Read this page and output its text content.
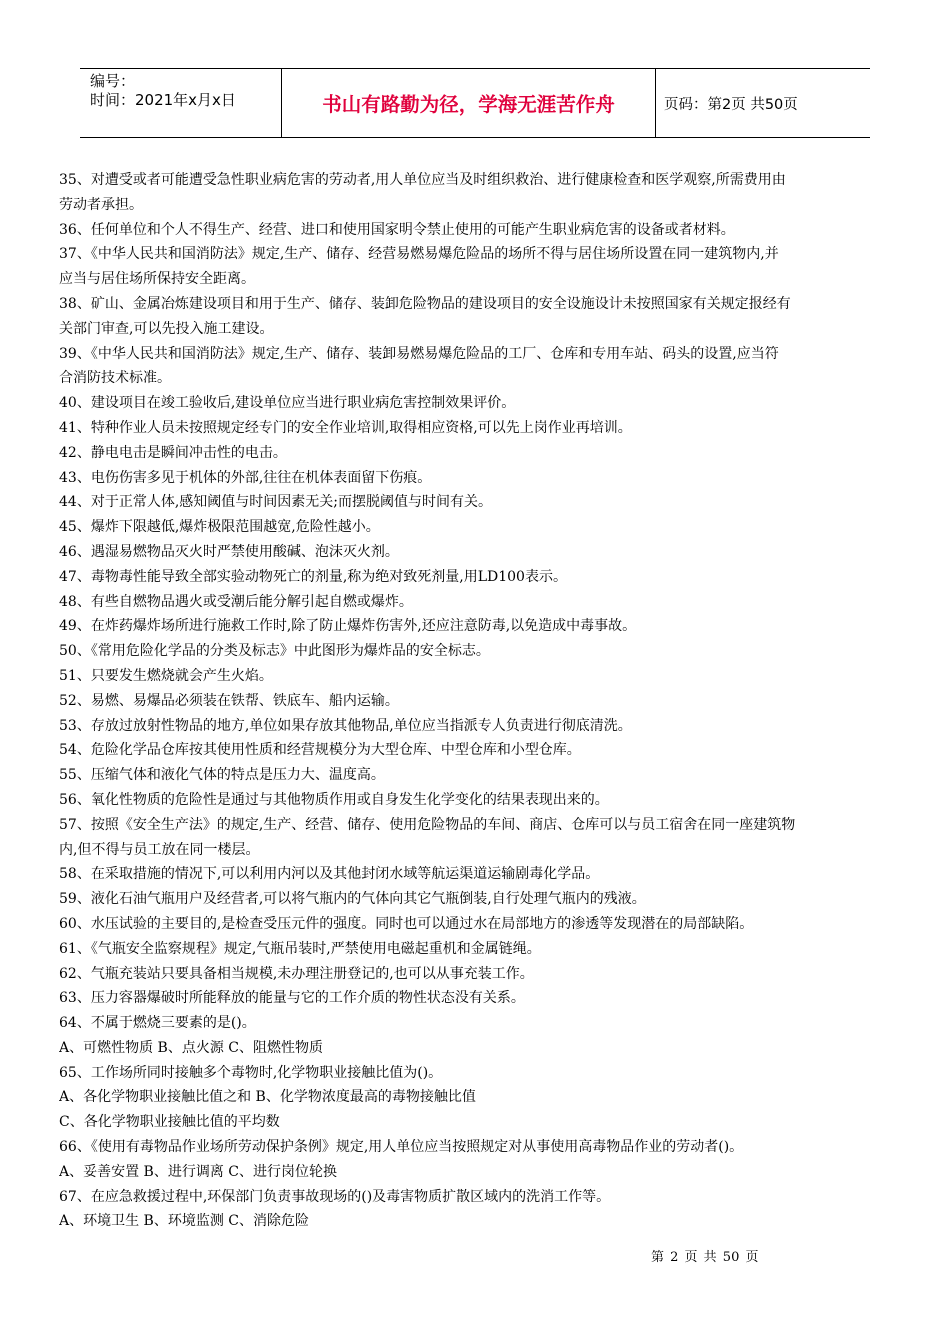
编号：
时间：2021年x月x日	书山有路勤为径，学海无涯苦作舟	页码：第2页 共50页

35、对遭受或者可能遭受急性职业病危害的劳动者,用人单位应当及时组织救治、进行健康检查和医学观察,所需费用由

劳动者承担。

36、任何单位和个人不得生产、经营、进口和使用国家明令禁止使用的可能产生职业病危害的设备或者材料。

37、《中华人民共和国消防法》规定,生产、储存、经营易燃易爆危险品的场所不得与居住场所设置在同一建筑物内,并

应当与居住场所保持安全距离。

38、矿山、金属冶炼建设项目和用于生产、储存、装卸危险物品的建设项目的安全设施设计未按照国家有关规定报经有

关部门审查,可以先投入施工建设。

39、《中华人民共和国消防法》规定,生产、储存、装卸易燃易爆危险品的工厂、仓库和专用车站、码头的设置,应当符

合消防技术标准。

40、建设项目在竣工验收后,建设单位应当进行职业病危害控制效果评价。

41、特种作业人员未按照规定经专门的安全作业培训,取得相应资格,可以先上岗作业再培训。

42、静电电击是瞬间冲击性的电击。

43、电伤伤害多见于机体的外部,往往在机体表面留下伤痕。

44、对于正常人体,感知阈值与时间因素无关;而摆脱阈值与时间有关。

45、爆炸下限越低,爆炸极限范围越宽,危险性越小。

46、遇湿易燃物品灭火时严禁使用酸碱、泡沫灭火剂。

47、毒物毒性能导致全部实验动物死亡的剂量,称为绝对致死剂量,用LD100表示。

48、有些自燃物品遇火或受潮后能分解引起自燃或爆炸。

49、在炸药爆炸场所进行施救工作时,除了防止爆炸伤害外,还应注意防毒,以免造成中毒事故。

50、《常用危险化学品的分类及标志》中此图形为爆炸品的安全标志。

51、只要发生燃烧就会产生火焰。

52、易燃、易爆品必须装在铁帮、铁底车、船内运输。

53、存放过放射性物品的地方,单位如果存放其他物品,单位应当指派专人负责进行彻底清洗。

54、危险化学品仓库按其使用性质和经营规模分为大型仓库、中型仓库和小型仓库。

55、压缩气体和液化气体的特点是压力大、温度高。

56、氧化性物质的危险性是通过与其他物质作用或自身发生化学变化的结果表现出来的。

57、按照《安全生产法》的规定,生产、经营、储存、使用危险物品的车间、商店、仓库可以与员工宿舍在同一座建筑物

内,但不得与员工放在同一楼层。

58、在采取措施的情况下,可以利用内河以及其他封闭水域等航运渠道运输剧毒化学品。

59、液化石油气瓶用户及经营者,可以将气瓶内的气体向其它气瓶倒装,自行处理气瓶内的残液。

60、水压试验的主要目的,是检查受压元件的强度。同时也可以通过水在局部地方的渗透等发现潜在的局部缺陷。

61、《气瓶安全监察规程》规定,气瓶吊装时,严禁使用电磁起重机和金属链绳。

62、气瓶充装站只要具备相当规模,未办理注册登记的,也可以从事充装工作。

63、压力容器爆破时所能释放的能量与它的工作介质的物性状态没有关系。

64、不属于燃烧三要素的是()。

A、可燃性物质 B、点火源 C、阻燃性物质

65、工作场所同时接触多个毒物时,化学物职业接触比值为()。

A、各化学物职业接触比值之和 B、化学物浓度最高的毒物接触比值

C、各化学物职业接触比值的平均数

66、《使用有毒物品作业场所劳动保护条例》规定,用人单位应当按照规定对从事使用高毒物品作业的劳动者()。

A、妥善安置 B、进行调离 C、进行岗位轮换

67、在应急救援过程中,环保部门负责事故现场的()及毒害物质扩散区域内的洗消工作等。

A、环境卫生 B、环境监测 C、消除危险

第 2 页 共 50 页
